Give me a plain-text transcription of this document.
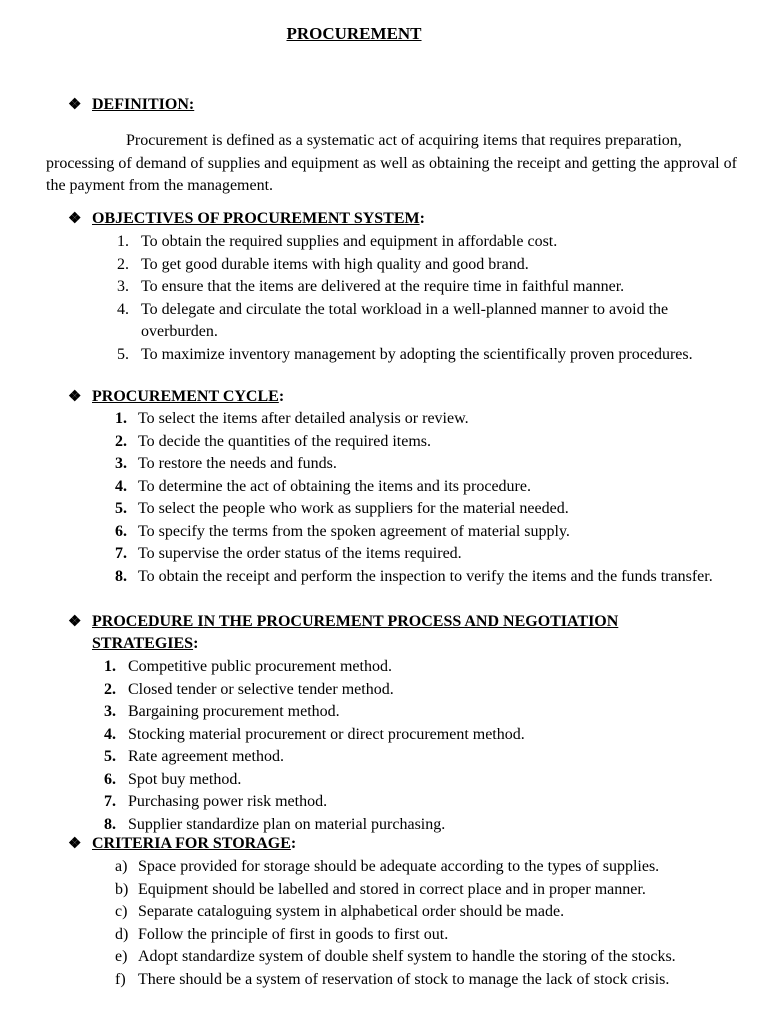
PROCUREMENT
❖ DEFINITION:
Procurement is defined as a systematic act of acquiring items that requires preparation, processing of demand of supplies and equipment as well as obtaining the receipt and getting the approval of the payment from the management.
❖ OBJECTIVES OF PROCUREMENT SYSTEM:
1. To obtain the required supplies and equipment in affordable cost.
2. To get good durable items with high quality and good brand.
3. To ensure that the items are delivered at the require time in faithful manner.
4. To delegate and circulate the total workload in a well-planned manner to avoid the overburden.
5. To maximize inventory management by adopting the scientifically proven procedures.
❖ PROCUREMENT CYCLE:
1. To select the items after detailed analysis or review.
2. To decide the quantities of the required items.
3. To restore the needs and funds.
4. To determine the act of obtaining the items and its procedure.
5. To select the people who work as suppliers for the material needed.
6. To specify the terms from the spoken agreement of material supply.
7. To supervise the order status of the items required.
8. To obtain the receipt and perform the inspection to verify the items and the funds transfer.
❖ PROCEDURE IN THE PROCUREMENT PROCESS AND NEGOTIATION
STRATEGIES:
1. Competitive public procurement method.
2. Closed tender or selective tender method.
3. Bargaining procurement method.
4. Stocking material procurement or direct procurement method.
5. Rate agreement method.
6. Spot buy method.
7. Purchasing power risk method.
8. Supplier standardize plan on material purchasing.
❖ CRITERIA FOR STORAGE:
a) Space provided for storage should be adequate according to the types of supplies.
b) Equipment should be labelled and stored in correct place and in proper manner.
c) Separate cataloguing system in alphabetical order should be made.
d) Follow the principle of first in goods to first out.
e) Adopt standardize system of double shelf system to handle the storing of the stocks.
f) There should be a system of reservation of stock to manage the lack of stock crisis.
